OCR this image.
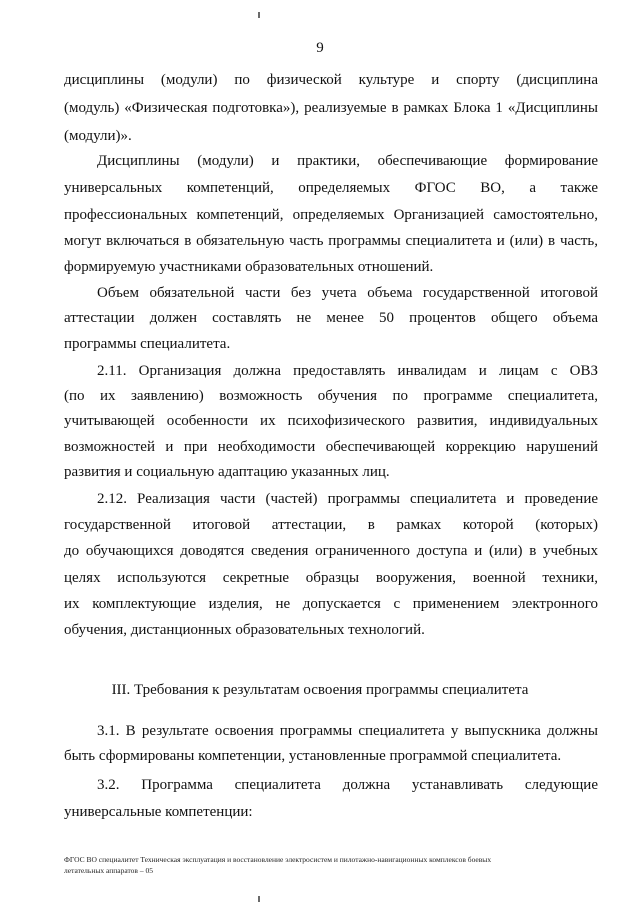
9
дисциплины (модули) по физической культуре и спорту (дисциплина
(модуль) «Физическая подготовка»), реализуемые в рамках Блока 1 «Дисциплины
(модули)».
Дисциплины (модули) и практики, обеспечивающие формирование
универсальных компетенций, определяемых ФГОС ВО, а также
профессиональных компетенций, определяемых Организацией самостоятельно,
могут включаться в обязательную часть программы специалитета и (или) в часть,
формируемую участниками образовательных отношений.
Объем обязательной части без учета объема государственной итоговой
аттестации должен составлять не менее 50 процентов общего объема
программы специалитета.
2.11. Организация должна предоставлять инвалидам и лицам с ОВЗ
(по их заявлению) возможность обучения по программе специалитета,
учитывающей особенности их психофизического развития, индивидуальных
возможностей и при необходимости обеспечивающей коррекцию нарушений
развития и социальную адаптацию указанных лиц.
2.12. Реализация части (частей) программы специалитета и проведение
государственной итоговой аттестации, в рамках которой (которых)
до обучающихся доводятся сведения ограниченного доступа и (или) в учебных
целях используются секретные образцы вооружения, военной техники,
их комплектующие изделия, не допускается с применением электронного
обучения, дистанционных образовательных технологий.
III. Требования к результатам освоения программы специалитета
3.1. В результате освоения программы специалитета у выпускника должны
быть сформированы компетенции, установленные программой специалитета.
3.2. Программа специалитета должна устанавливать следующие
универсальные компетенции:
ФГОС ВО специалитет Техническая эксплуатация и восстановление электросистем и пилотажно-навигационных комплексов боевых
летательных аппаратов – 05
